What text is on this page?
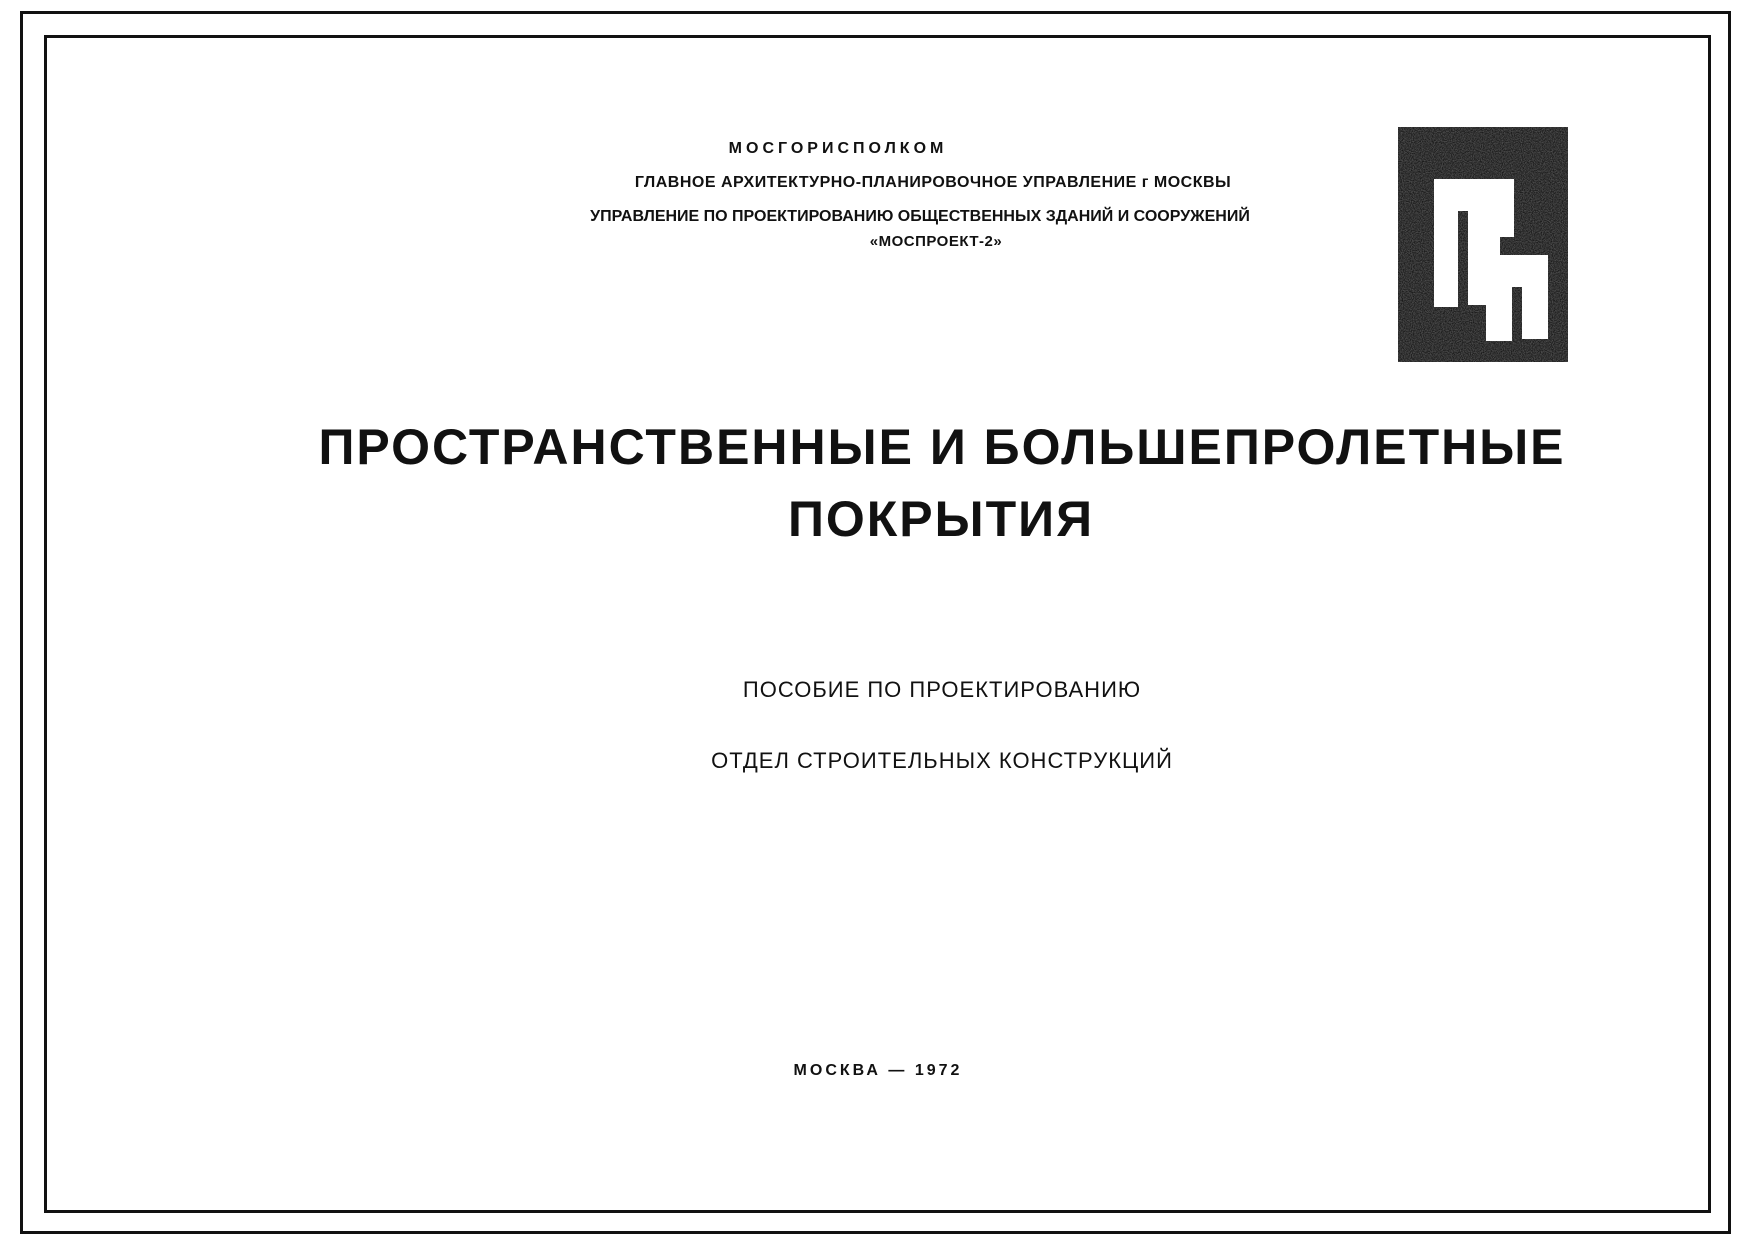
МОСГОРИСПОЛКОМ
ГЛАВНОЕ АРХИТЕКТУРНО-ПЛАНИРОВОЧНОЕ УПРАВЛЕНИЕ г МОСКВЫ
УПРАВЛЕНИЕ ПО ПРОЕКТИРОВАНИЮ ОБЩЕСТВЕННЫХ ЗДАНИЙ И СООРУЖЕНИЙ
«МОСПРОЕКТ-2»
ПРОСТРАНСТВЕННЫЕ И БОЛЬШЕПРОЛЕТНЫЕ
ПОКРЫТИЯ
ПОСОБИЕ ПО ПРОЕКТИРОВАНИЮ
ОТДЕЛ СТРОИТЕЛЬНЫХ КОНСТРУКЦИЙ
МОСКВА — 1972
